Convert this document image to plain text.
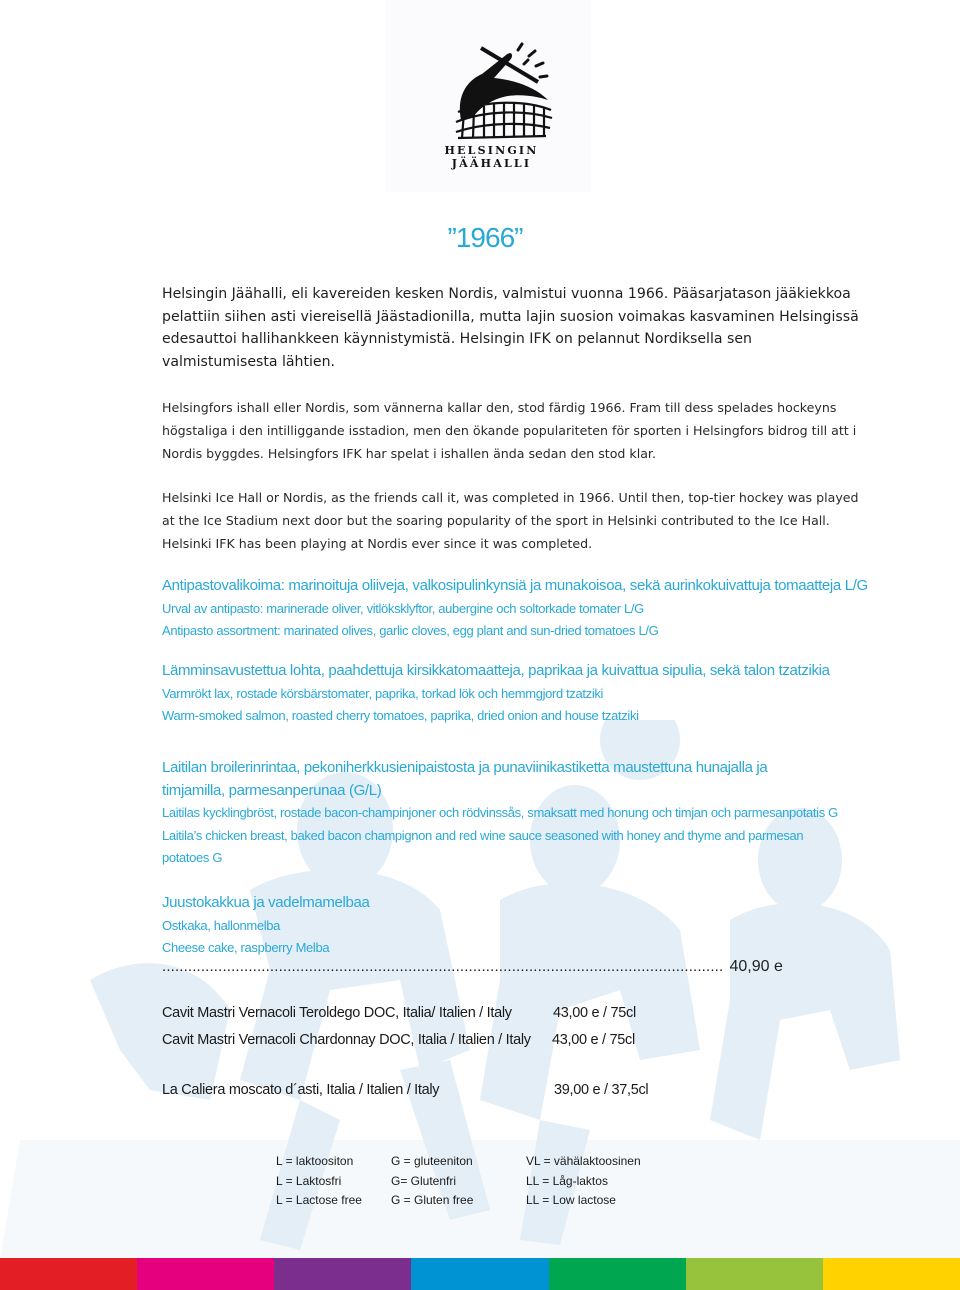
HELSINGIN JÄÄHALLI
”1966”

Helsingin Jäähalli, eli kavereiden kesken Nordis, valmistui vuonna 1966. Pääsarjatason jääkiekkoa pelattiin siihen asti viereisellä Jäästadionilla, mutta lajin suosion voimakas kasvaminen Helsingissä edesauttoi hallihankkeen käynnistymistä. Helsingin IFK on pelannut Nordiksella sen valmistumisesta lähtien.

Helsingfors ishall eller Nordis, som vännerna kallar den, stod färdig 1966. Fram till dess spelades hockeyns högstaliga i den intilliggande isstadion, men den ökande populariteten för sporten i Helsingfors bidrog till att i Nordis byggdes. Helsingfors IFK har spelat i ishallen ända sedan den stod klar.

Helsinki Ice Hall or Nordis, as the friends call it, was completed in 1966. Until then, top-tier hockey was played at the Ice Stadium next door but the soaring popularity of the sport in Helsinki contributed to the Ice Hall. Helsinki IFK has been playing at Nordis ever since it was completed.

Antipastovalikoima: marinoituja oliiveja, valkosipulinkynsiä ja munakoisoa, sekä aurinkokuivattuja tomaatteja L/G
Urval av antipasto: marinerade oliver, vitlöksklyftor, aubergine och soltorkade tomater L/G
Antipasto assortment: marinated olives, garlic cloves, egg plant and sun-dried tomatoes L/G
Lämminsavustettua lohta, paahdettuja kirsikkatomaatteja, paprikaa ja kuivattua sipulia, sekä talon tzatzikia
Varmrökt lax, rostade körsbärstomater, paprika, torkad lök och hemmgjord tzatziki
Warm-smoked salmon, roasted cherry tomatoes, paprika, dried onion and house tzatziki
Laitilan broilerinrintaa, pekoniherkkusienipaistosta ja punaviinikastiketta maustettuna hunajalla ja
timjamilla, parmesanperunaa (G/L)
Laitilas kycklingbröst, rostade bacon-champinjoner och rödvinssås, smaksatt med honung och timjan och parmesanpotatis G
Laitila’s chicken breast, baked bacon champignon and red wine sauce seasoned with honey and thyme and parmesan
potatoes G
Juustokakkua ja vadelmamelbaa
Ostkaka, hallonmelba
Cheese cake, raspberry Melba
.................................................................................................................................. 40,90 e
Cavit Mastri Vernacoli Teroldego DOC, Italia/ Italien / Italy	43,00 e / 75cl
Cavit Mastri Vernacoli Chardonnay DOC, Italia / Italien / Italy 43,00 e / 75cl
La Caliera moscato d´asti, Italia / Italien / Italy	39,00 e / 37,5cl
L = laktoositon
L = Laktosfri
L = Lactose free
G = gluteeniton
G= Glutenfri
G = Gluten free
VL = vähälaktoosinen
LL = Låg-laktos
LL = Low lactose
